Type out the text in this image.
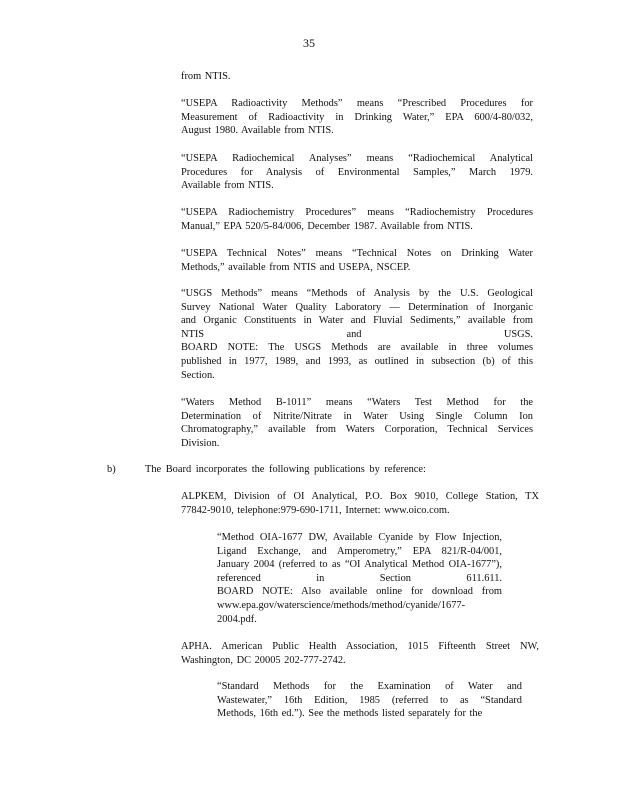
35

from NTIS.

“USEPA Radioactivity Methods” means “Prescribed Procedures for
Measurement of Radioactivity in Drinking Water,” EPA 600/4-80/032,
August 1980. Available from NTIS.

“USEPA Radiochemical Analyses” means “Radiochemical Analytical
Procedures for Analysis of Environmental Samples,” March 1979.
Available from NTIS.

“USEPA Radiochemistry Procedures” means “Radiochemistry Procedures
Manual,” EPA 520/5-84/006, December 1987. Available from NTIS.

“USEPA Technical Notes” means “Technical Notes on Drinking Water
Methods,” available from NTIS and USEPA, NSCEP.

“USGS Methods” means “Methods of Analysis by the U.S. Geological
Survey National Water Quality Laboratory — Determination of Inorganic
and Organic Constituents in Water and Fluvial Sediments,” available from
NTIS and USGS.
BOARD NOTE: The USGS Methods are available in three volumes
published in 1977, 1989, and 1993, as outlined in subsection (b) of this
Section.

“Waters Method B-1011” means “Waters Test Method for the
Determination of Nitrite/Nitrate in Water Using Single Column Ion
Chromatography,” available from Waters Corporation, Technical Services
Division.

b)	The Board incorporates the following publications by reference:

ALPKEM, Division of OI Analytical, P.O. Box 9010, College Station, TX
77842-9010, telephone:979-690-1711, Internet: www.oico.com.

“Method OIA-1677 DW, Available Cyanide by Flow Injection,
Ligand Exchange, and Amperometry,” EPA 821/R-04/001,
January 2004 (referred to as “OI Analytical Method OIA-1677”),
referenced in Section 611.611.
BOARD NOTE: Also available online for download from
www.epa.gov/waterscience/methods/method/cyanide/1677-
2004.pdf.

APHA. American Public Health Association, 1015 Fifteenth Street NW,
Washington, DC 20005 202-777-2742.

“Standard Methods for the Examination of Water and
Wastewater,” 16th Edition, 1985 (referred to as “Standard
Methods, 16th ed.”). See the methods listed separately for the
